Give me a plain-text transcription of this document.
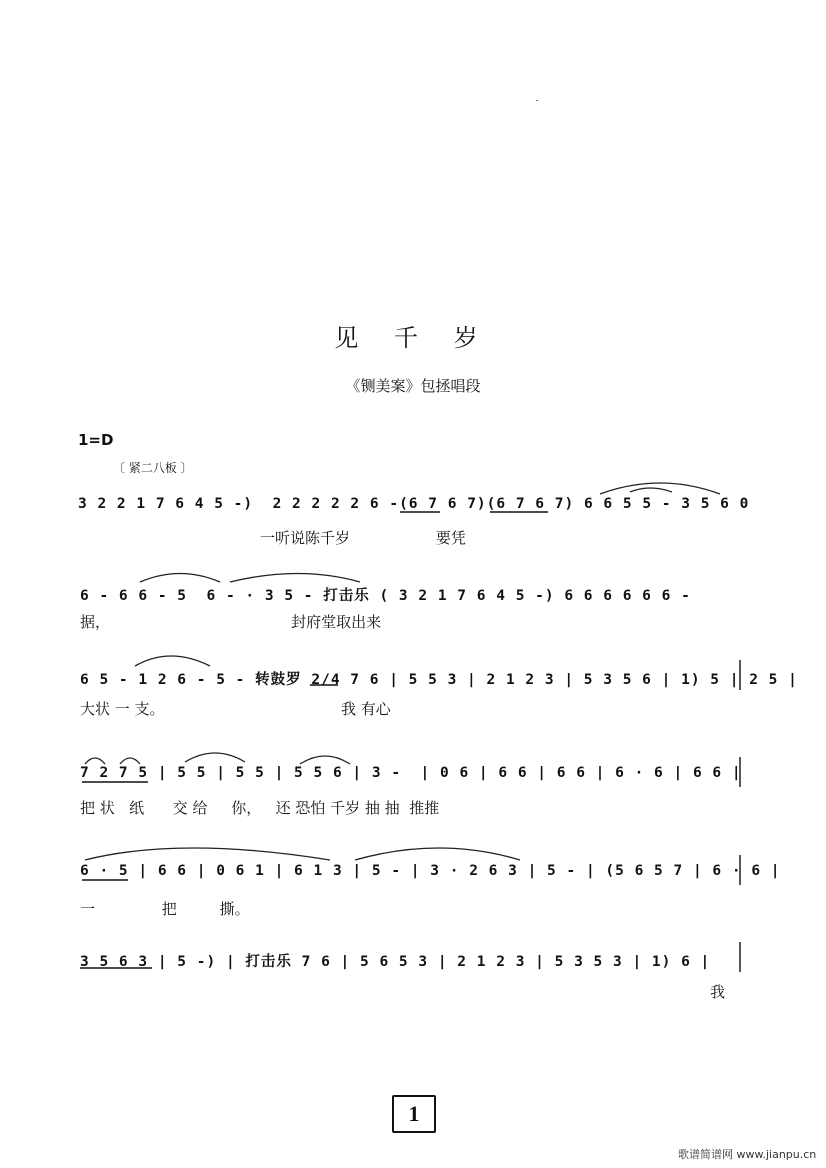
见 千 岁
《铡美案》包拯唱段
1=D
〔 紧二八板 〕
3 2 2 1 7 6 4 5 -)  2 2 2 2 2 6 -(6 7 6 7)(6 7 6 7) 6 6 5 5 - 3 5 6 0
一听说陈千岁                  要凭
6 - 6 6 - 5  6 - · 3 5 - 打击乐 ( 3 2 1 7 6 4 5 -) 6 6 6 6 6 6 -
据，                                      封府堂取出来
6 5 - 1 2 6 - 5 - 转鼓罗 2/4 7 6 | 5 5 3 | 2 1 2 3 | 5 3 5 6 | 1) 5 | 2 5 |
大状 一 支。                                     我 有心
7 2 7 5 | 5 5 | 5 5 | 5 5 6 | 3 -  | 0 6 | 6 6 | 6 6 | 6 · 6 | 6 6 |
把 状   纸      交 给     你，   还 恐怕 千岁 抽 抽  推推
6 · 5 | 6 6 | 0 6 1 | 6 1 3 | 5 - | 3 · 2 6 3 | 5 - | (5 6 5 7 | 6 · 6 |
一              把         撕。
3 5 6 3 | 5 -) | 打击乐 7 6 | 5 6 5 3 | 2 1 2 3 | 5 3 5 3 | 1) 6 |
我
1
歌谱简谱网 www.jianpu.cn
